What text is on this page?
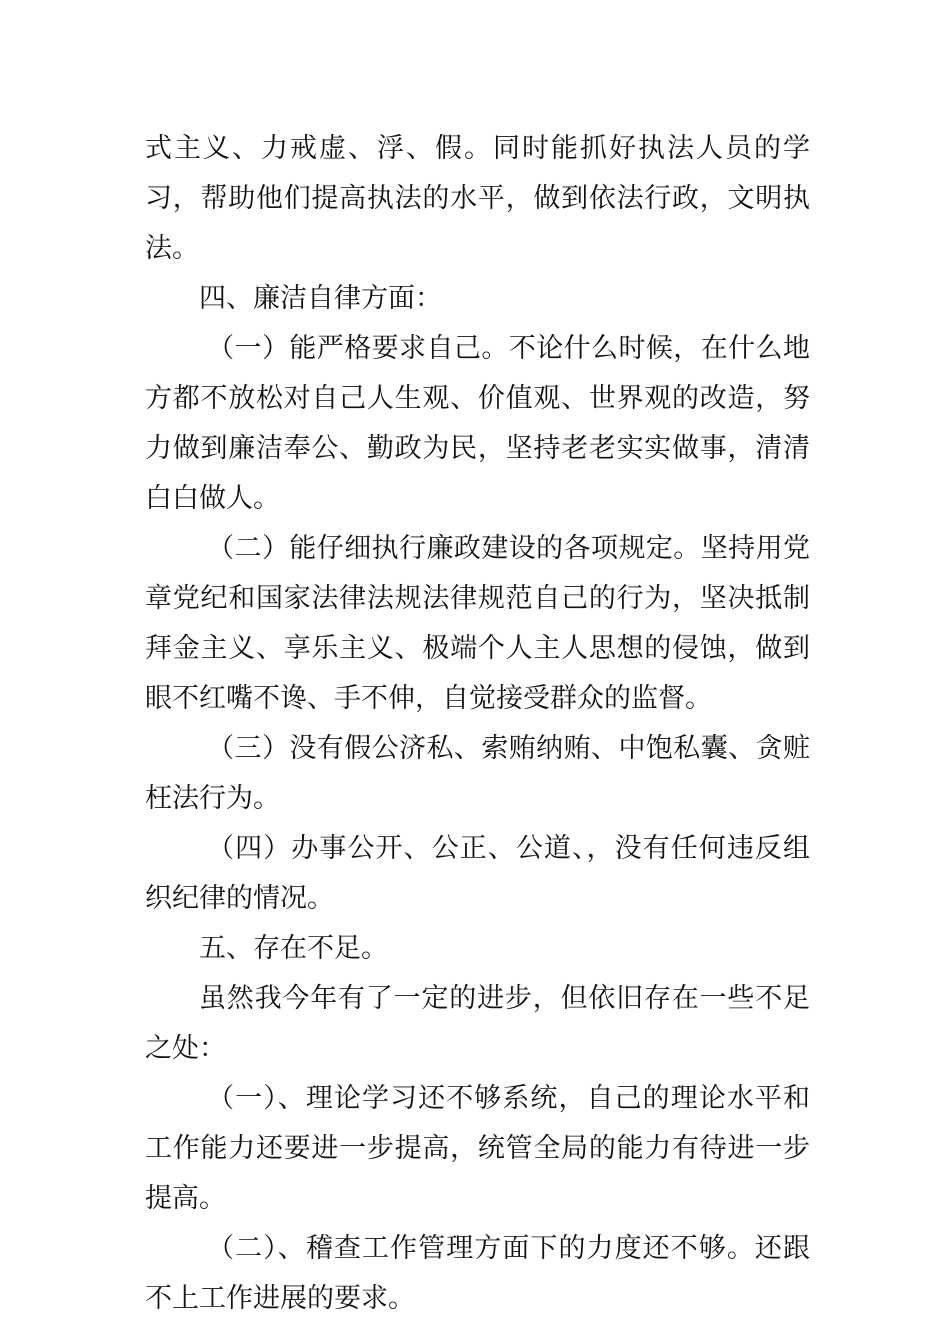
式主义、力戒虚、浮、假。同时能抓好执法人员的学习，帮助他们提高执法的水平，做到依法行政，文明执法。

四、廉洁自律方面：

（一）能严格要求自己。不论什么时候，在什么地方都不放松对自己人生观、价值观、世界观的改造，努力做到廉洁奉公、勤政为民，坚持老老实实做事，清清白白做人。

（二）能仔细执行廉政建设的各项规定。坚持用党章党纪和国家法律法规法律规范自己的行为，坚决抵制拜金主义、享乐主义、极端个人主人思想的侵蚀，做到眼不红嘴不谗、手不伸，自觉接受群众的监督。

（三）没有假公济私、索贿纳贿、中饱私囊、贪赃枉法行为。

（四）办事公开、公正、公道、，没有任何违反组织纪律的情况。

五、存在不足。

虽然我今年有了一定的进步，但依旧存在一些不足之处：

（一）、理论学习还不够系统，自己的理论水平和工作能力还要进一步提高，统管全局的能力有待进一步提高。

（二）、稽查工作管理方面下的力度还不够。还跟不上工作进展的要求。
